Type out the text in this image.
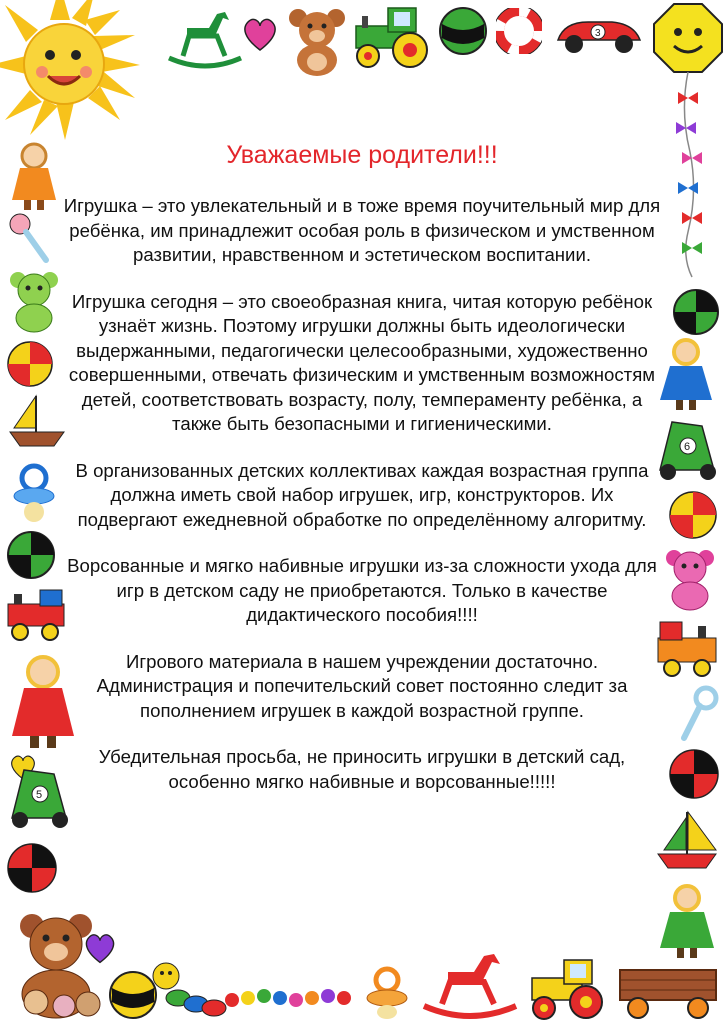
3
5
6
Уважаемые родители!!!

Игрушка – это увлекательный и в тоже время поучительный мир для ребёнка, им принадлежит особая роль в физическом и умственном развитии, нравственном и эстетическом воспитании.

Игрушка сегодня – это своеобразная книга, читая которую ребёнок узнаёт жизнь. Поэтому игрушки должны быть идеологически выдержанными, педагогически целесообразными, художественно совершенными, отвечать физическим и умственным возможностям детей, соответствовать возрасту, полу, темпераменту ребёнка, а также быть безопасными и гигиеническими.

В организованных детских коллективах каждая возрастная группа должна иметь свой набор игрушек, игр, конструкторов. Их подвергают ежедневной обработке по определённому алгоритму.

Ворсованные и мягко набивные игрушки из-за сложности ухода для игр в детском саду не приобретаются. Только в качестве дидактического пособия!!!!

Игрового материала в нашем учреждении достаточно. Администрация и попечительский совет постоянно следит за пополнением игрушек в каждой возрастной группе.

Убедительная просьба, не приносить игрушки в детский сад, особенно мягко набивные и ворсованные!!!!!
